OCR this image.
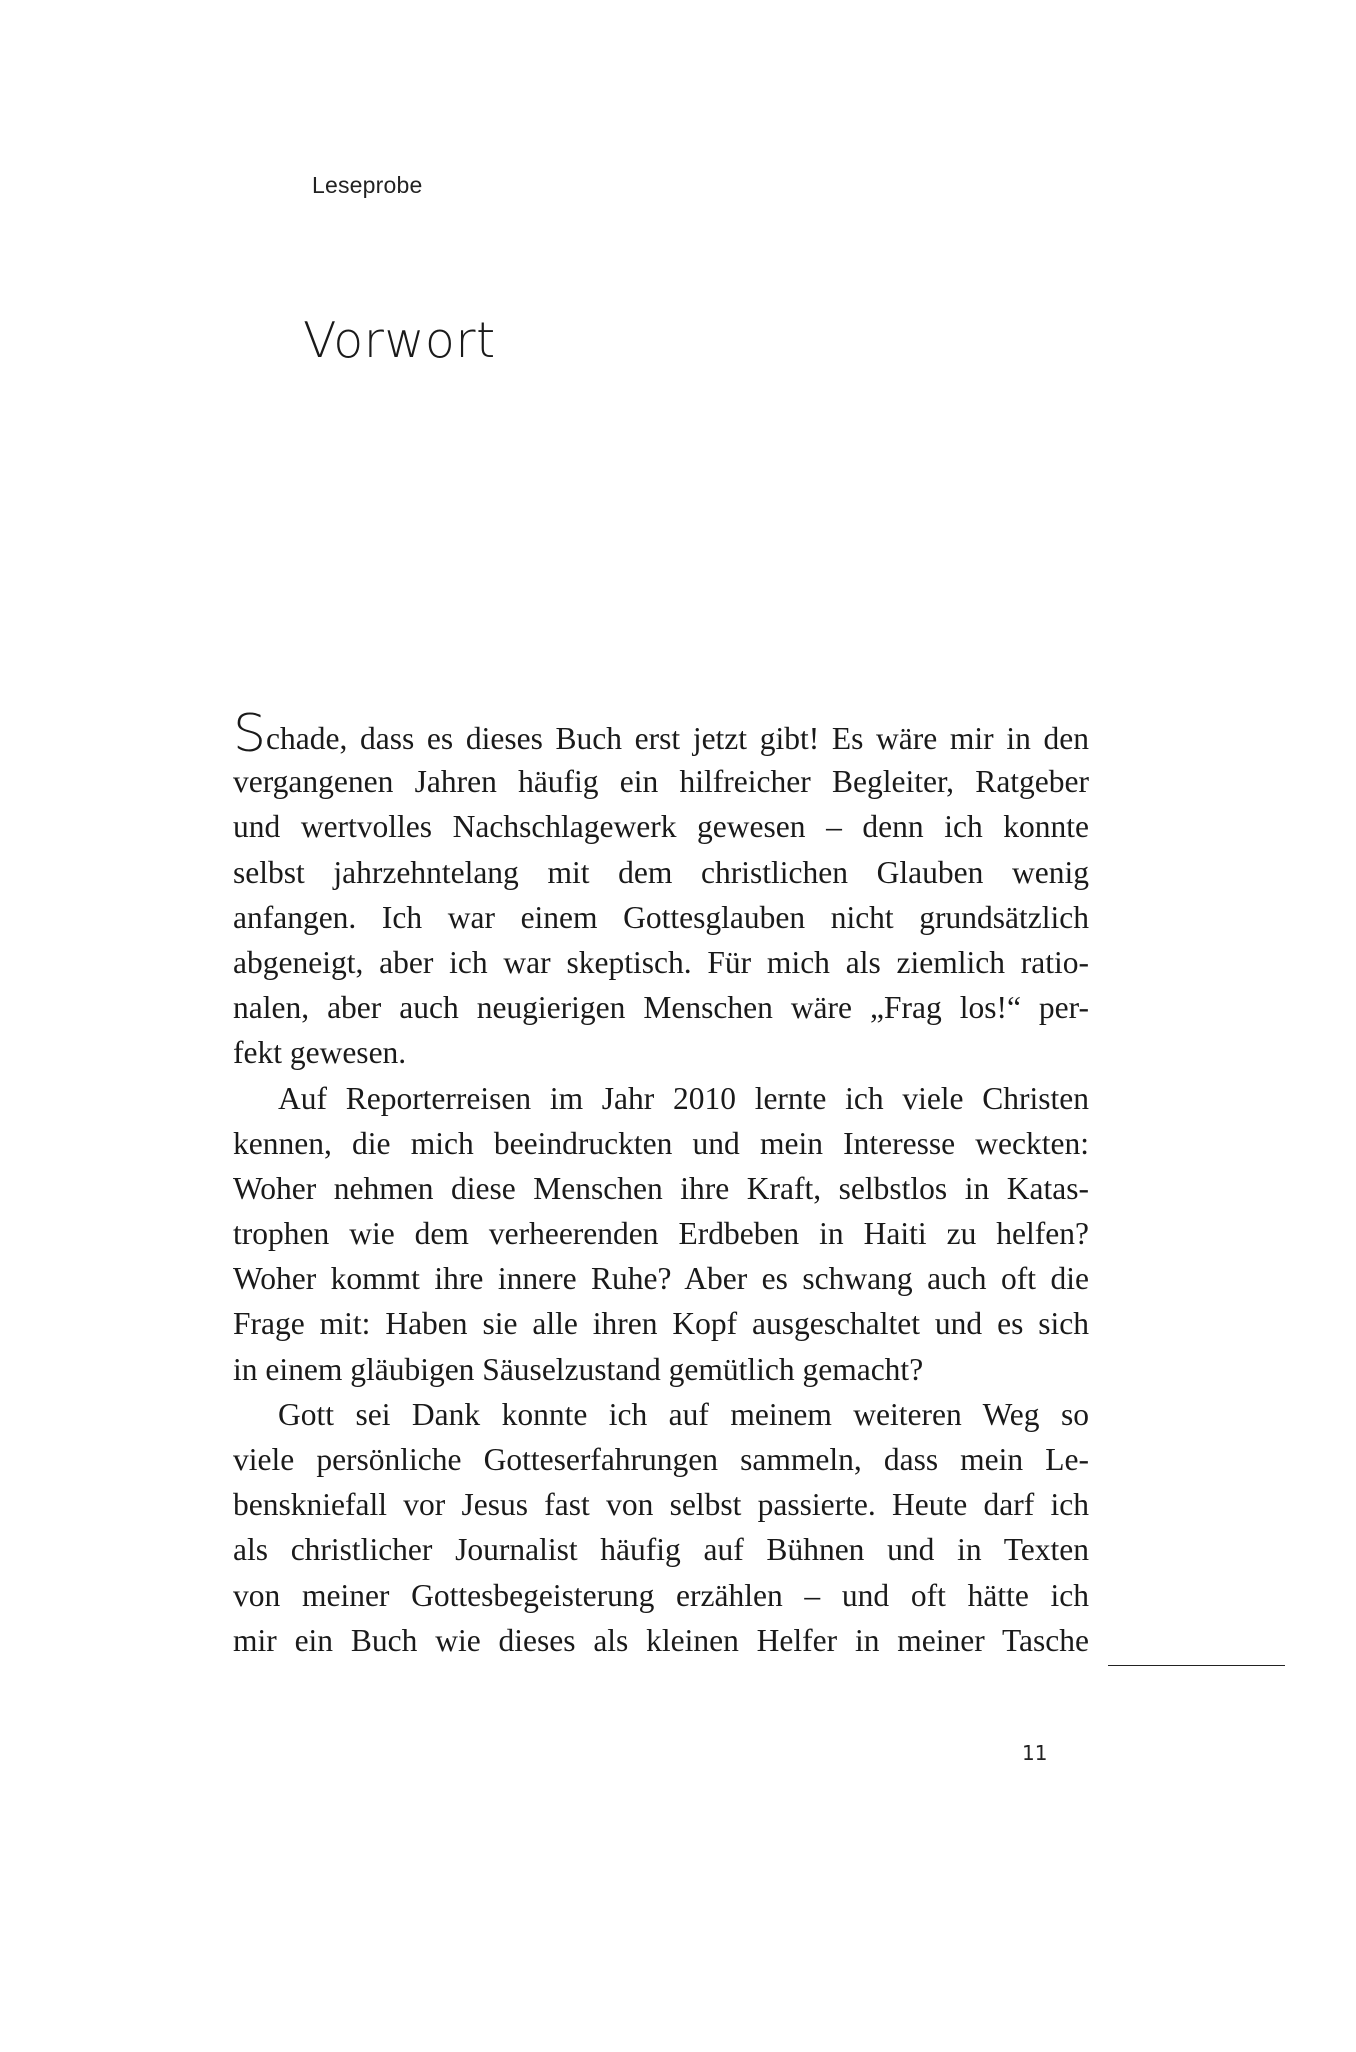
Leseprobe
Vorwort

Schade, dass es dieses Buch erst jetzt gibt! Es wäre mir in den
vergangenen Jahren häufig ein hilfreicher Begleiter, Ratgeber
und wertvolles Nachschlagewerk gewesen – denn ich konnte
selbst jahrzehntelang mit dem christlichen Glauben wenig
anfangen. Ich war einem Gottesglauben nicht grundsätzlich
abgeneigt, aber ich war skeptisch. Für mich als ziemlich ratio-
nalen, aber auch neugierigen Menschen wäre „Frag los!“ per-
fekt gewesen.

Auf Reporterreisen im Jahr 2010 lernte ich viele Christen
kennen, die mich beeindruckten und mein Interesse weckten:
Woher nehmen diese Menschen ihre Kraft, selbstlos in Katas-
trophen wie dem verheerenden Erdbeben in Haiti zu helfen?
Woher kommt ihre innere Ruhe? Aber es schwang auch oft die
Frage mit: Haben sie alle ihren Kopf ausgeschaltet und es sich
in einem gläubigen Säuselzustand gemütlich gemacht?

Gott sei Dank konnte ich auf meinem weiteren Weg so
viele persönliche Gotteserfahrungen sammeln, dass mein Le-
benskniefall vor Jesus fast von selbst passierte. Heute darf ich
als christlicher Journalist häufig auf Bühnen und in Texten
von meiner Gottesbegeisterung erzählen – und oft hätte ich
mir ein Buch wie dieses als kleinen Helfer in meiner Tasche

11
